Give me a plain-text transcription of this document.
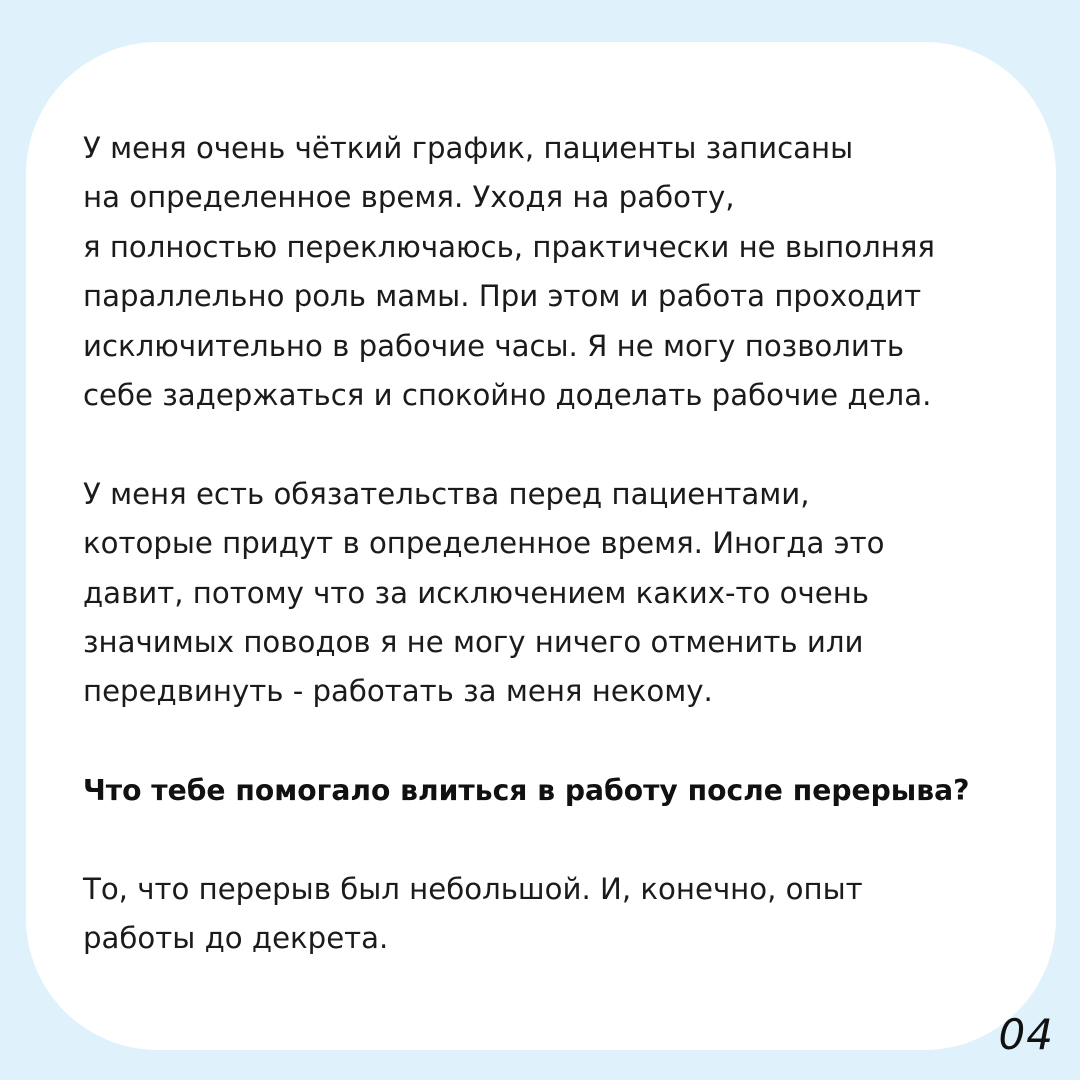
У меня очень чёткий график, пациенты записаны
на определенное время. Уходя на работу,
я полностью переключаюсь, практически не выполняя
параллельно роль мамы. При этом и работа проходит
исключительно в рабочие часы. Я не могу позволить
себе задержаться и спокойно доделать рабочие дела.
У меня есть обязательства перед пациентами,
которые придут в определенное время. Иногда это
давит, потому что за исключением каких-то очень
значимых поводов я не могу ничего отменить или
передвинуть - работать за меня некому.
Что тебе помогало влиться в работу после перерыва?
То, что перерыв был небольшой. И, конечно, опыт
работы до декрета.
04
